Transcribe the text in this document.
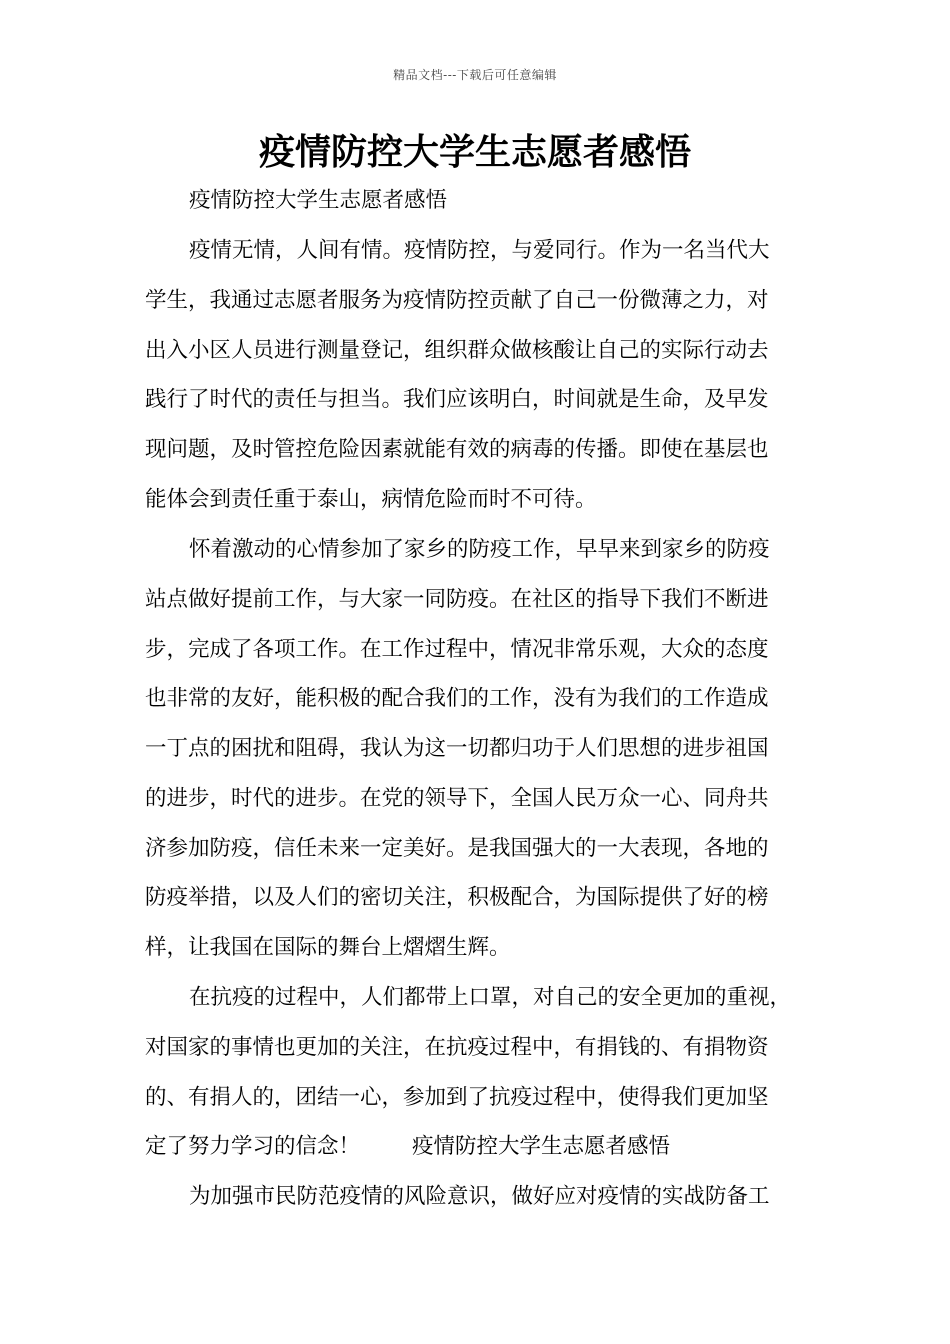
精品文档---下载后可任意编辑
疫情防控大学生志愿者感悟
疫情防控大学生志愿者感悟
疫情无情，人间有情。疫情防控，与爱同行。作为一名当代大
学生，我通过志愿者服务为疫情防控贡献了自己一份微薄之力，对
出入小区人员进行测量登记，组织群众做核酸让自己的实际行动去
践行了时代的责任与担当。我们应该明白，时间就是生命，及早发
现问题，及时管控危险因素就能有效的病毒的传播。即使在基层也
能体会到责任重于泰山，病情危险而时不可待。
怀着激动的心情参加了家乡的防疫工作，早早来到家乡的防疫
站点做好提前工作，与大家一同防疫。在社区的指导下我们不断进
步，完成了各项工作。在工作过程中，情况非常乐观，大众的态度
也非常的友好，能积极的配合我们的工作，没有为我们的工作造成
一丁点的困扰和阻碍，我认为这一切都归功于人们思想的进步祖国
的进步，时代的进步。在党的领导下，全国人民万众一心、同舟共
济参加防疫，信任未来一定美好。是我国强大的一大表现，各地的
防疫举措，以及人们的密切关注，积极配合，为国际提供了好的榜
样，让我国在国际的舞台上熠熠生辉。
在抗疫的过程中，人们都带上口罩，对自己的安全更加的重视，
对国家的事情也更加的关注，在抗疫过程中，有捐钱的、有捐物资
的、有捐人的，团结一心，参加到了抗疫过程中，使得我们更加坚
定了努力学习的信念！ 疫情防控大学生志愿者感悟
为加强市民防范疫情的风险意识，做好应对疫情的实战防备工
